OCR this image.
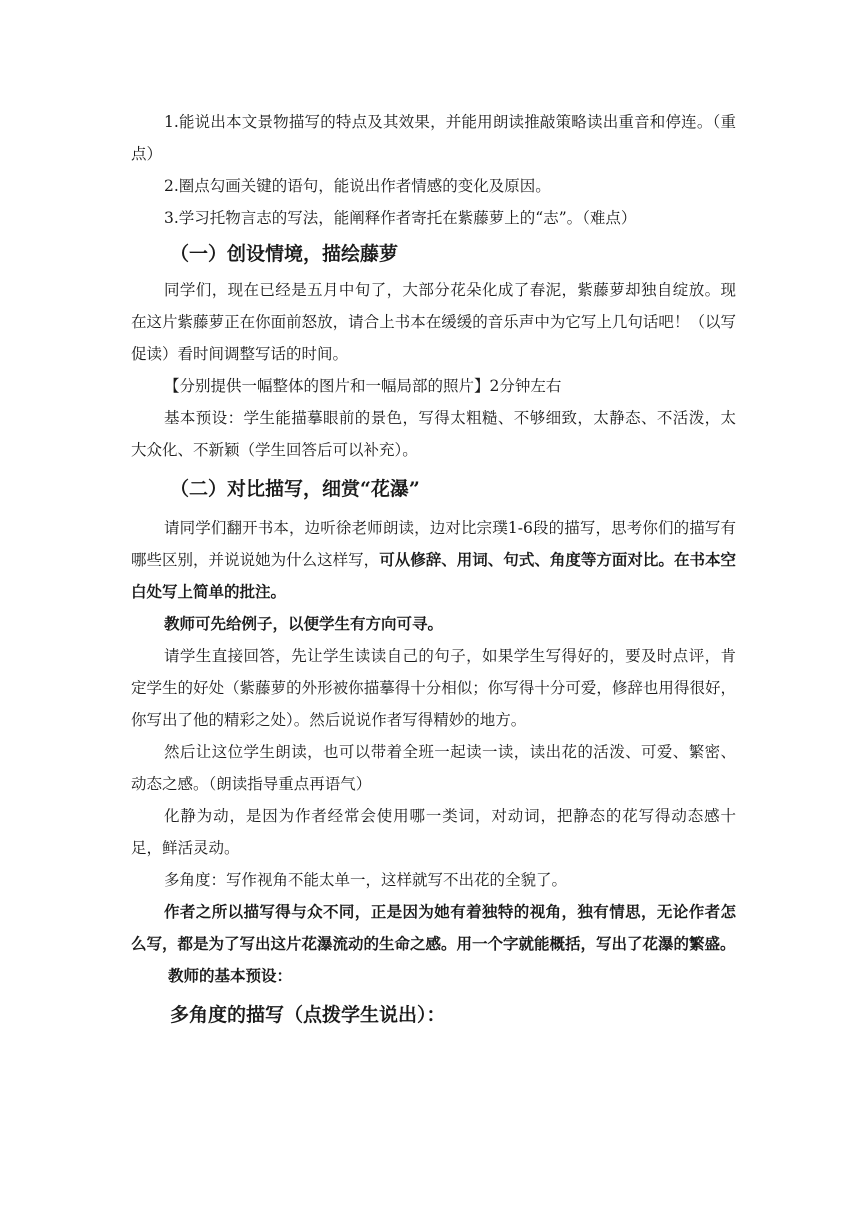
1.能说出本文景物描写的特点及其效果，并能用朗读推敲策略读出重音和停连。（重点）

2.圈点勾画关键的语句，能说出作者情感的变化及原因。

3.学习托物言志的写法，能阐释作者寄托在紫藤萝上的“志”。（难点）

（一）创设情境，描绘藤萝

同学们，现在已经是五月中旬了，大部分花朵化成了春泥，紫藤萝却独自绽放。现在这片紫藤萝正在你面前怒放，请合上书本在缓缓的音乐声中为它写上几句话吧！（以写促读）看时间调整写话的时间。

【分别提供一幅整体的图片和一幅局部的照片】2分钟左右

基本预设：学生能描摹眼前的景色，写得太粗糙、不够细致，太静态、不活泼，太大众化、不新颖（学生回答后可以补充）。

（二）对比描写，细赏“花瀑”

请同学们翻开书本，边听徐老师朗读，边对比宗璞1-6段的描写，思考你们的描写有哪些区别，并说说她为什么这样写，可从修辞、用词、句式、角度等方面对比。在书本空白处写上简单的批注。

教师可先给例子，以便学生有方向可寻。

请学生直接回答，先让学生读读自己的句子，如果学生写得好的，要及时点评，肯定学生的好处（紫藤萝的外形被你描摹得十分相似；你写得十分可爱，修辞也用得很好，你写出了他的精彩之处）。然后说说作者写得精妙的地方。

然后让这位学生朗读，也可以带着全班一起读一读，读出花的活泼、可爱、繁密、动态之感。（朗读指导重点再语气）

化静为动，是因为作者经常会使用哪一类词，对动词，把静态的花写得动态感十足，鲜活灵动。

多角度：写作视角不能太单一，这样就写不出花的全貌了。

作者之所以描写得与众不同，正是因为她有着独特的视角，独有情思，无论作者怎么写，都是为了写出这片花瀑流动的生命之感。用一个字就能概括，写出了花瀑的繁盛。

教师的基本预设：

多角度的描写（点拨学生说出）：
